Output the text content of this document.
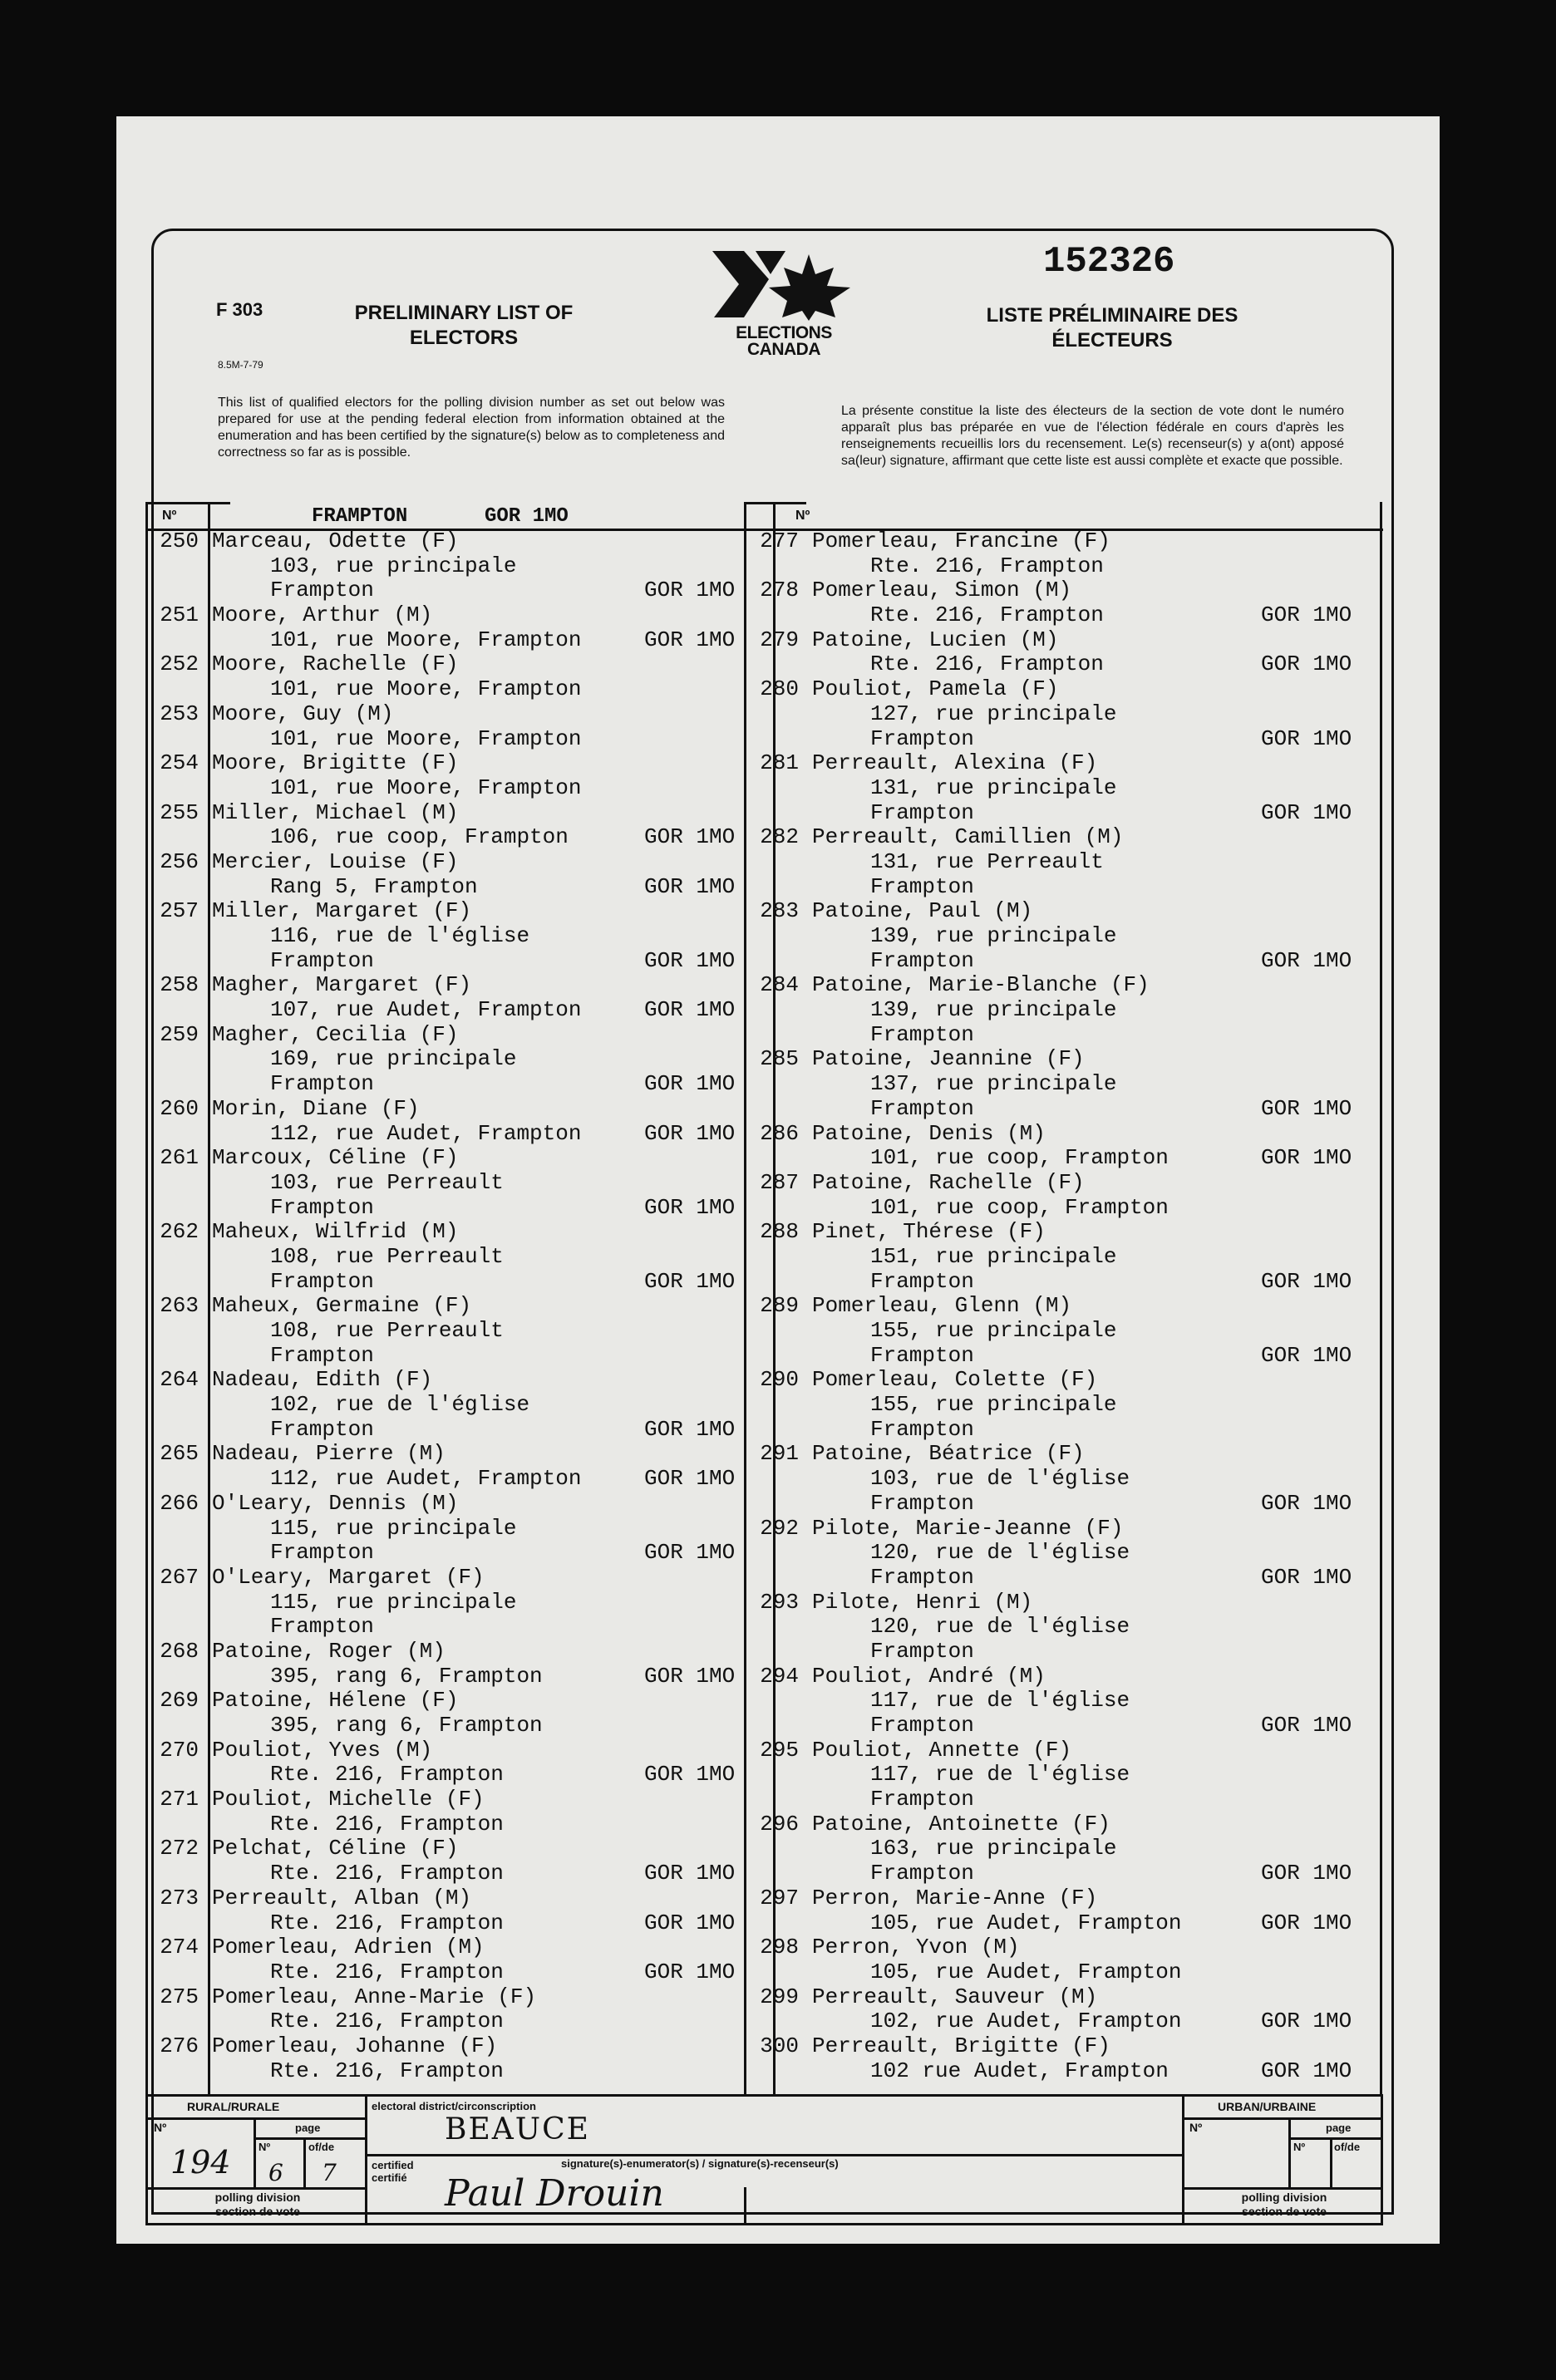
F 303
8.5M-7-79
PRELIMINARY LIST OF ELECTORS	ELECTIONS CANADA
152326
LISTE PRÉLIMINAIRE DES ÉLECTEURS
This list of qualified electors for the polling division number as set out below was prepared for use at the pending federal election from information obtained at the enumeration and has been certified by the signature(s) below as to completeness and correctness so far as is possible.
La présente constitue la liste des électeurs de la section de vote dont le numéro apparaît plus bas préparée en vue de l'élection fédérale en cours d'après les renseignements recueillis lors du recensement. Le(s) recenseur(s) y a(ont) apposé sa(leur) signature, affirmant que cette liste est aussi complète et exacte que possible.
Nº	FRAMPTON	GOR 1MO	Nº
250 Marceau, Odette (F)
103, rue principale
Frampton	GOR 1MO
251 Moore, Arthur (M)
101, rue Moore, Frampton	GOR 1MO
252 Moore, Rachelle (F)
101, rue Moore, Frampton
253 Moore, Guy (M)
101, rue Moore, Frampton
254 Moore, Brigitte (F)
101, rue Moore, Frampton
255 Miller, Michael (M)
106, rue coop, Frampton	GOR 1MO
256 Mercier, Louise (F)
Rang 5, Frampton	GOR 1MO
257 Miller, Margaret (F)
116, rue de l'église
Frampton	GOR 1MO
258 Magher, Margaret (F)
107, rue Audet, Frampton	GOR 1MO
259 Magher, Cecilia (F)
169, rue principale
Frampton	GOR 1MO
260 Morin, Diane (F)
112, rue Audet, Frampton	GOR 1MO
261 Marcoux, Céline (F)
103, rue Perreault
Frampton	GOR 1MO
262 Maheux, Wilfrid (M)
108, rue Perreault
Frampton	GOR 1MO
263 Maheux, Germaine (F)
108, rue Perreault
Frampton
264 Nadeau, Edith (F)
102, rue de l'église
Frampton	GOR 1MO
265 Nadeau, Pierre (M)
112, rue Audet, Frampton	GOR 1MO
266 O'Leary, Dennis (M)
115, rue principale
Frampton	GOR 1MO
267 O'Leary, Margaret (F)
115, rue principale
Frampton
268 Patoine, Roger (M)
395, rang 6, Frampton	GOR 1MO
269 Patoine, Hélene (F)
395, rang 6, Frampton
270 Pouliot, Yves (M)
Rte. 216, Frampton	GOR 1MO
271 Pouliot, Michelle (F)
Rte. 216, Frampton
272 Pelchat, Céline (F)
Rte. 216, Frampton	GOR 1MO
273 Perreault, Alban (M)
Rte. 216, Frampton	GOR 1MO
274 Pomerleau, Adrien (M)
Rte. 216, Frampton	GOR 1MO
275 Pomerleau, Anne-Marie (F)
Rte. 216, Frampton
276 Pomerleau, Johanne (F)
Rte. 216, Frampton
277 Pomerleau, Francine (F)
Rte. 216, Frampton
278 Pomerleau, Simon (M)
Rte. 216, Frampton	GOR 1MO
279 Patoine, Lucien (M)
Rte. 216, Frampton	GOR 1MO
280 Pouliot, Pamela (F)
127, rue principale
Frampton	GOR 1MO
281 Perreault, Alexina (F)
131, rue principale
Frampton	GOR 1MO
282 Perreault, Camillien (M)
131, rue Perreault
Frampton
283 Patoine, Paul (M)
139, rue principale
Frampton	GOR 1MO
284 Patoine, Marie-Blanche (F)
139, rue principale
Frampton
285 Patoine, Jeannine (F)
137, rue principale
Frampton	GOR 1MO
286 Patoine, Denis (M)
101, rue coop, Frampton	GOR 1MO
287 Patoine, Rachelle (F)
101, rue coop, Frampton
288 Pinet, Thérese (F)
151, rue principale
Frampton	GOR 1MO
289 Pomerleau, Glenn (M)
155, rue principale
Frampton	GOR 1MO
290 Pomerleau, Colette (F)
155, rue principale
Frampton
291 Patoine, Béatrice (F)
103, rue de l'église
Frampton	GOR 1MO
292 Pilote, Marie-Jeanne (F)
120, rue de l'église
Frampton	GOR 1MO
293 Pilote, Henri (M)
120, rue de l'église
Frampton
294 Pouliot, André (M)
117, rue de l'église
Frampton	GOR 1MO
295 Pouliot, Annette (F)
117, rue de l'église
Frampton
296 Patoine, Antoinette (F)
163, rue principale
Frampton	GOR 1MO
297 Perron, Marie-Anne (F)
105, rue Audet, Frampton	GOR 1MO
298 Perron, Yvon (M)
105, rue Audet, Frampton
299 Perreault, Sauveur (M)
102, rue Audet, Frampton	GOR 1MO
300 Perreault, Brigitte (F)
102 rue Audet, Frampton	GOR 1MO
RURAL/RURALE
Nº	page
Nº	of/de
194 6 7
polling division
section de vote
electoral district/circonscription
BEAUCE
certified
certifié
signature(s)-enumerator(s) / signature(s)-recenseur(s)
Paul Drouin
URBAN/URBAINE
Nº	page
Nº	of/de
polling division
section de vote
